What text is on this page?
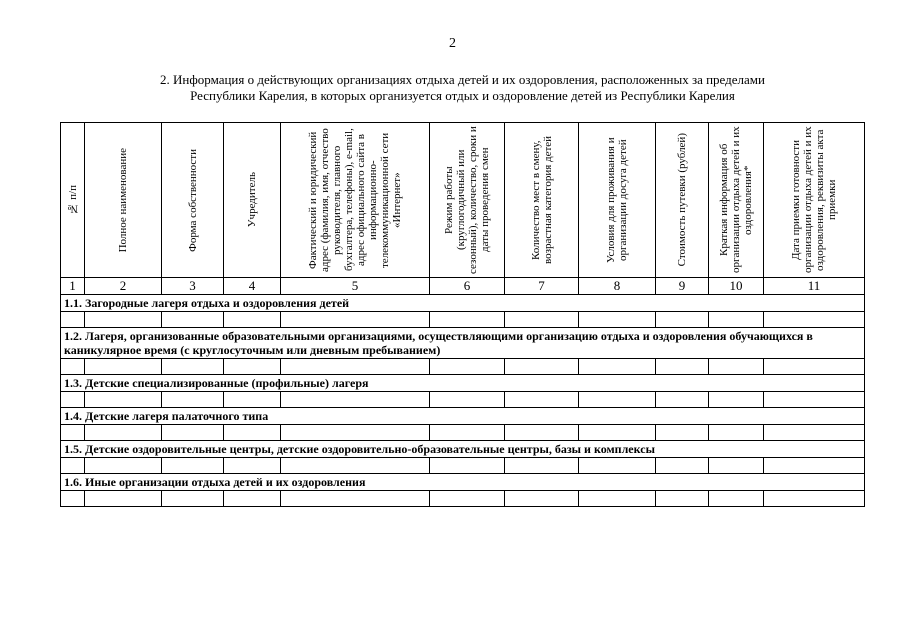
2
2. Информация о действующих организациях отдыха детей и их оздоровления, расположенных за пределами
Республики Карелия, в которых организуется отдых и оздоровление детей из Республики Карелия
№ п/п	Полное наименование	Форма собственности	Учредитель	Фактический и юридический адрес (фамилия, имя, отчество руководителя, главного бухгалтера, телефоны), e-mail, адрес официального сайта в информационно-телекоммуникационной сети «Интернет»	Режим работы (круглогодичный или сезонный), количество, сроки и даты проведения смен	Количество мест в смену, возрастная категория детей	Условия для проживания и организации досуга детей	Стоимость путевки (рублей)	Краткая информация об организации отдыха детей и их оздоровления*	Дата приемки готовности организации отдыха детей и их оздоровления, реквизиты акта приемки

1	2	3	4	5	6	7	8	9	10	11
1.1. Загородные лагеря отдыха и оздоровления детей										

1.2. Лагеря, организованные образовательными организациями, осуществляющими организацию отдыха и оздоровления обучающихся в каникулярное время (с круглосуточным или дневным пребыванием)										

1.3. Детские специализированные (профильные) лагеря										

1.4. Детские лагеря палаточного типа										

1.5. Детские оздоровительные центры, детские оздоровительно-образовательные центры, базы и комплексы										

1.6. Иные организации отдыха детей и их оздоровления										
